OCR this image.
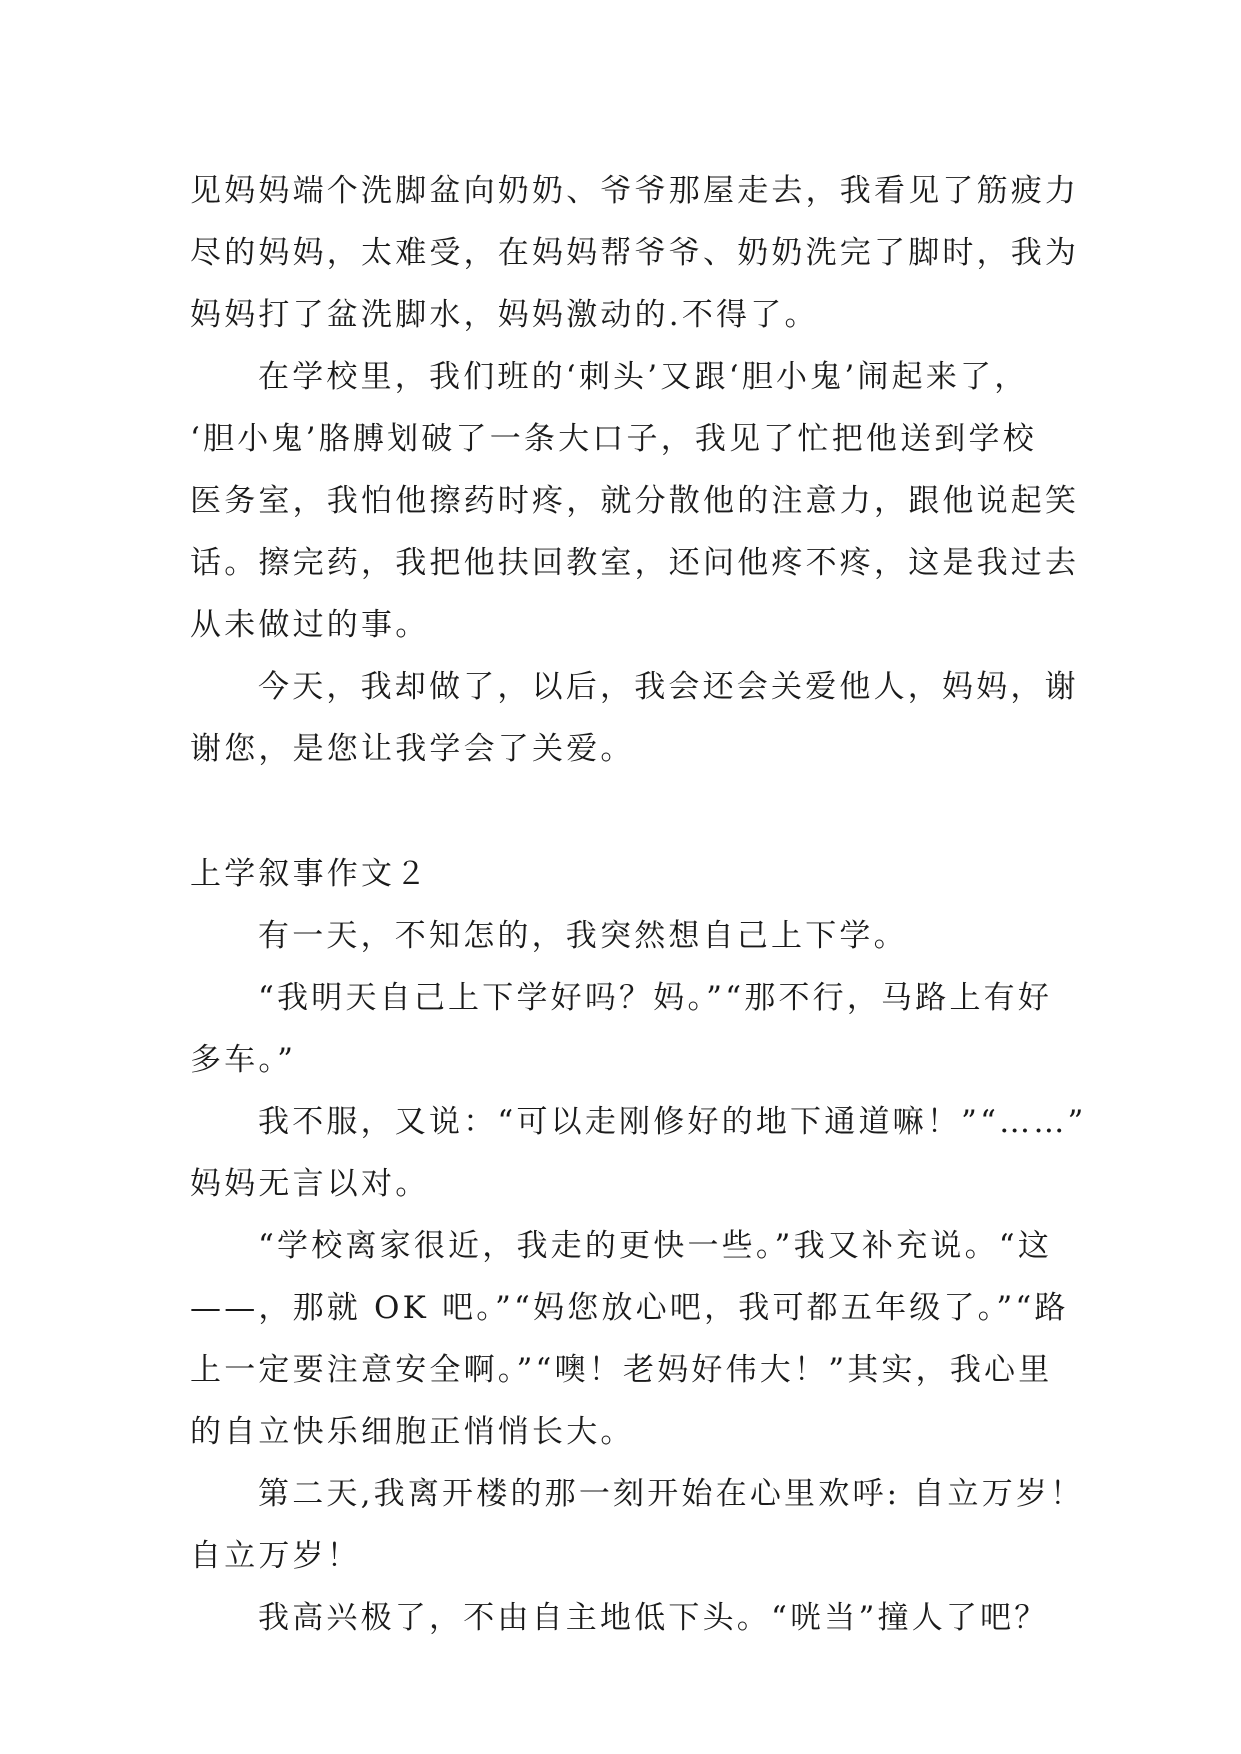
见妈妈端个洗脚盆向奶奶、爷爷那屋走去，我看见了筋疲力
尽的妈妈，太难受，在妈妈帮爷爷、奶奶洗完了脚时，我为
妈妈打了盆洗脚水，妈妈激动的.不得了。
在学校里，我们班的‘刺头’又跟‘胆小鬼’闹起来了，
‘胆小鬼’胳膊划破了一条大口子，我见了忙把他送到学校
医务室，我怕他擦药时疼，就分散他的注意力，跟他说起笑
话。擦完药，我把他扶回教室，还问他疼不疼，这是我过去
从未做过的事。
今天，我却做了，以后，我会还会关爱他人，妈妈，谢
谢您，是您让我学会了关爱。
上学叙事作文２
有一天，不知怎的，我突然想自己上下学。
“我明天自己上下学好吗？妈。”“那不行，马路上有好
多车。”
我不服，又说：“可以走刚修好的地下通道嘛！”“……”
妈妈无言以对。
“学校离家很近，我走的更快一些。”我又补充说。“这
——，那就 OK 吧。”“妈您放心吧，我可都五年级了。”“路
上一定要注意安全啊。”“噢！老妈好伟大！”其实，我心里
的自立快乐细胞正悄悄长大。
第二天,我离开楼的那一刻开始在心里欢呼: 自立万岁！
自立万岁！
我高兴极了，不由自主地低下头。“咣当”撞人了吧？
